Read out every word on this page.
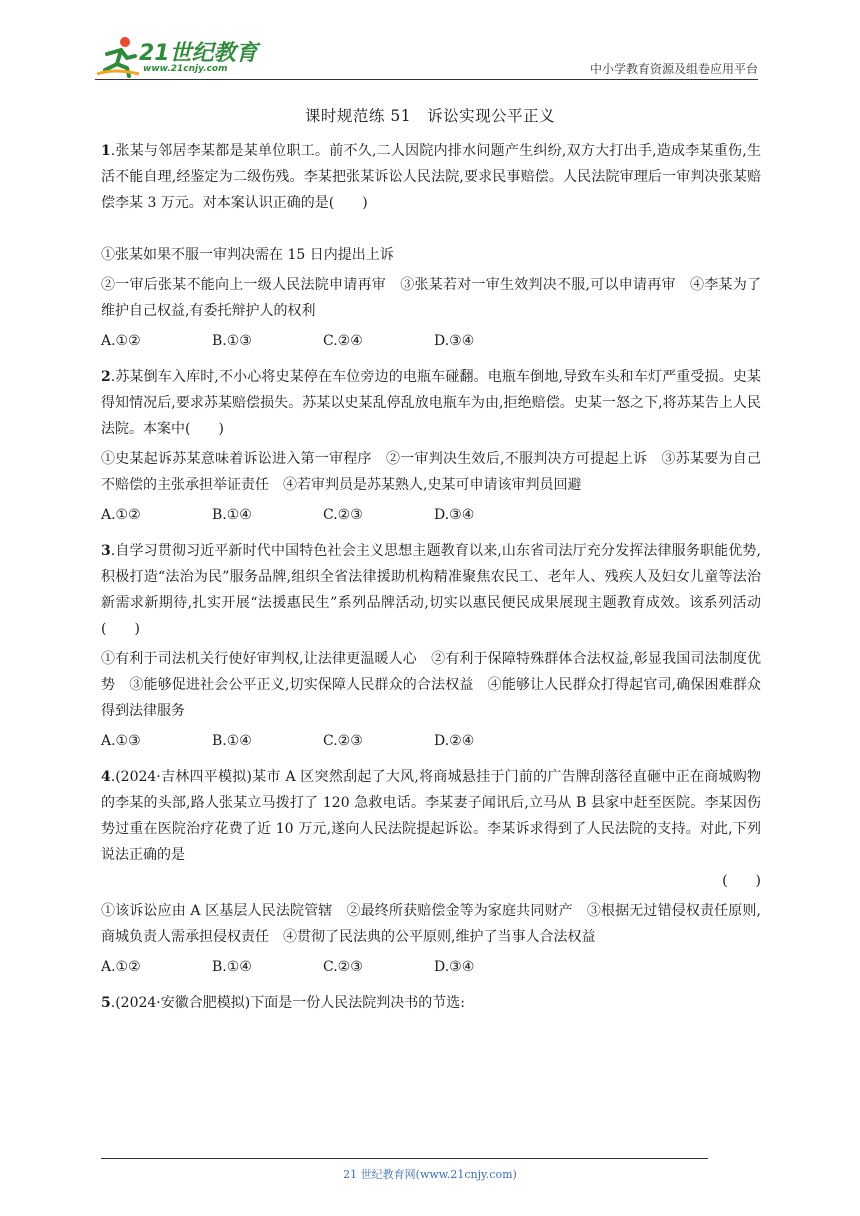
21世纪教育
www.21cnjy.com	中小学教育资源及组卷应用平台
课时规范练 51　诉讼实现公平正义

1.张某与邻居李某都是某单位职工。前不久,二人因院内排水问题产生纠纷,双方大打出手,造成李某重伤,生活不能自理,经鉴定为二级伤残。李某把张某诉讼人民法院,要求民事赔偿。人民法院审理后一审判决张某赔偿李某 3 万元。对本案认识正确的是(　　)

①张某如果不服一审判决需在 15 日内提出上诉

②一审后张某不能向上一级人民法院申请再审　③张某若对一审生效判决不服,可以申请再审　④李某为了维护自己权益,有委托辩护人的权利

A.①②	B.①③	C.②④	D.③④

2.苏某倒车入库时,不小心将史某停在车位旁边的电瓶车碰翻。电瓶车倒地,导致车头和车灯严重受损。史某得知情况后,要求苏某赔偿损失。苏某以史某乱停乱放电瓶车为由,拒绝赔偿。史某一怒之下,将苏某告上人民法院。本案中(　　)

①史某起诉苏某意味着诉讼进入第一审程序　②一审判决生效后,不服判决方可提起上诉　③苏某要为自己不赔偿的主张承担举证责任　④若审判员是苏某熟人,史某可申请该审判员回避

A.①②	B.①④	C.②③	D.③④

3.自学习贯彻习近平新时代中国特色社会主义思想主题教育以来,山东省司法厅充分发挥法律服务职能优势,积极打造“法治为民”服务品牌,组织全省法律援助机构精准聚焦农民工、老年人、残疾人及妇女儿童等法治新需求新期待,扎实开展“法援惠民生”系列品牌活动,切实以惠民便民成果展现主题教育成效。该系列活动(　　)

①有利于司法机关行使好审判权,让法律更温暖人心　②有利于保障特殊群体合法权益,彰显我国司法制度优势　③能够促进社会公平正义,切实保障人民群众的合法权益　④能够让人民群众打得起官司,确保困难群众得到法律服务

A.①③	B.①④	C.②③	D.②④

4.(2024·吉林四平模拟)某市 A 区突然刮起了大风,将商城悬挂于门前的广告牌刮落径直砸中正在商城购物的李某的头部,路人张某立马拨打了 120 急救电话。李某妻子闻讯后,立马从 B 县家中赶至医院。李某因伤势过重在医院治疗花费了近 10 万元,遂向人民法院提起诉讼。李某诉求得到了人民法院的支持。对此,下列说法正确的是

(　　)

①该诉讼应由 A 区基层人民法院管辖　②最终所获赔偿金等为家庭共同财产　③根据无过错侵权责任原则,商城负责人需承担侵权责任　④贯彻了民法典的公平原则,维护了当事人合法权益

A.①②	B.①④	C.②③	D.③④

5.(2024·安徽合肥模拟)下面是一份人民法院判决书的节选:

21 世纪教育网(www.21cnjy.com)
